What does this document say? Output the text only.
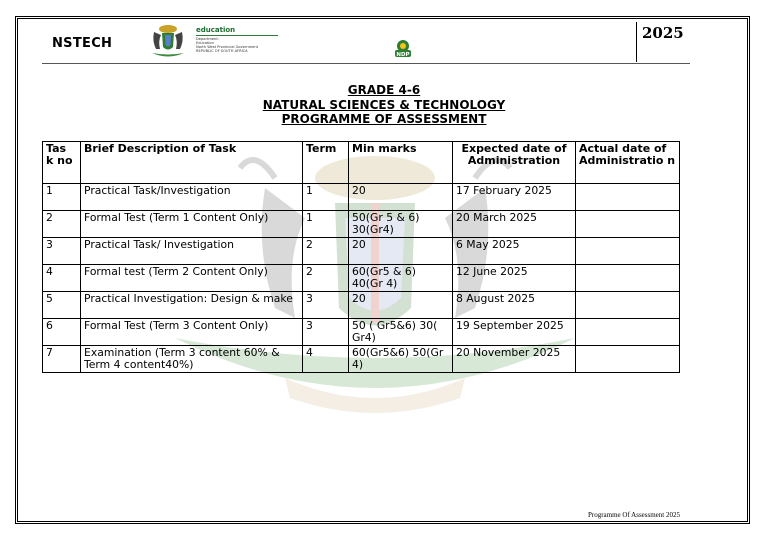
NSTECH
education
Department:
Education
North West Provincial Government
REPUBLIC OF SOUTH AFRICA
NDP
2025
GRADE 4-6
NATURAL SCIENCES & TECHNOLOGY
PROGRAMME OF ASSESSMENT
Tas k no	Brief Description of Task	Term	Min marks	Expected date of Administration	Actual date of Administratio n
1	Practical Task/Investigation	1	20	17 February 2025	
2	Formal Test (Term 1 Content Only)	1	50(Gr 5 & 6) 30(Gr4)	20 March 2025	
3	Practical Task/ Investigation	2	20	6 May 2025	
4	Formal test (Term 2 Content Only)	2	60(Gr5 & 6) 40(Gr 4)	12 June 2025	
5	Practical Investigation: Design & make	3	20	8 August 2025	
6	Formal Test (Term 3 Content Only)	3	50 ( Gr5&6) 30( Gr4)	19 September 2025	
7	Examination (Term 3 content 60% & Term 4 content40%)	4	60(Gr5&6) 50(Gr 4)	20 November 2025	
Programme Of Assessment 2025
